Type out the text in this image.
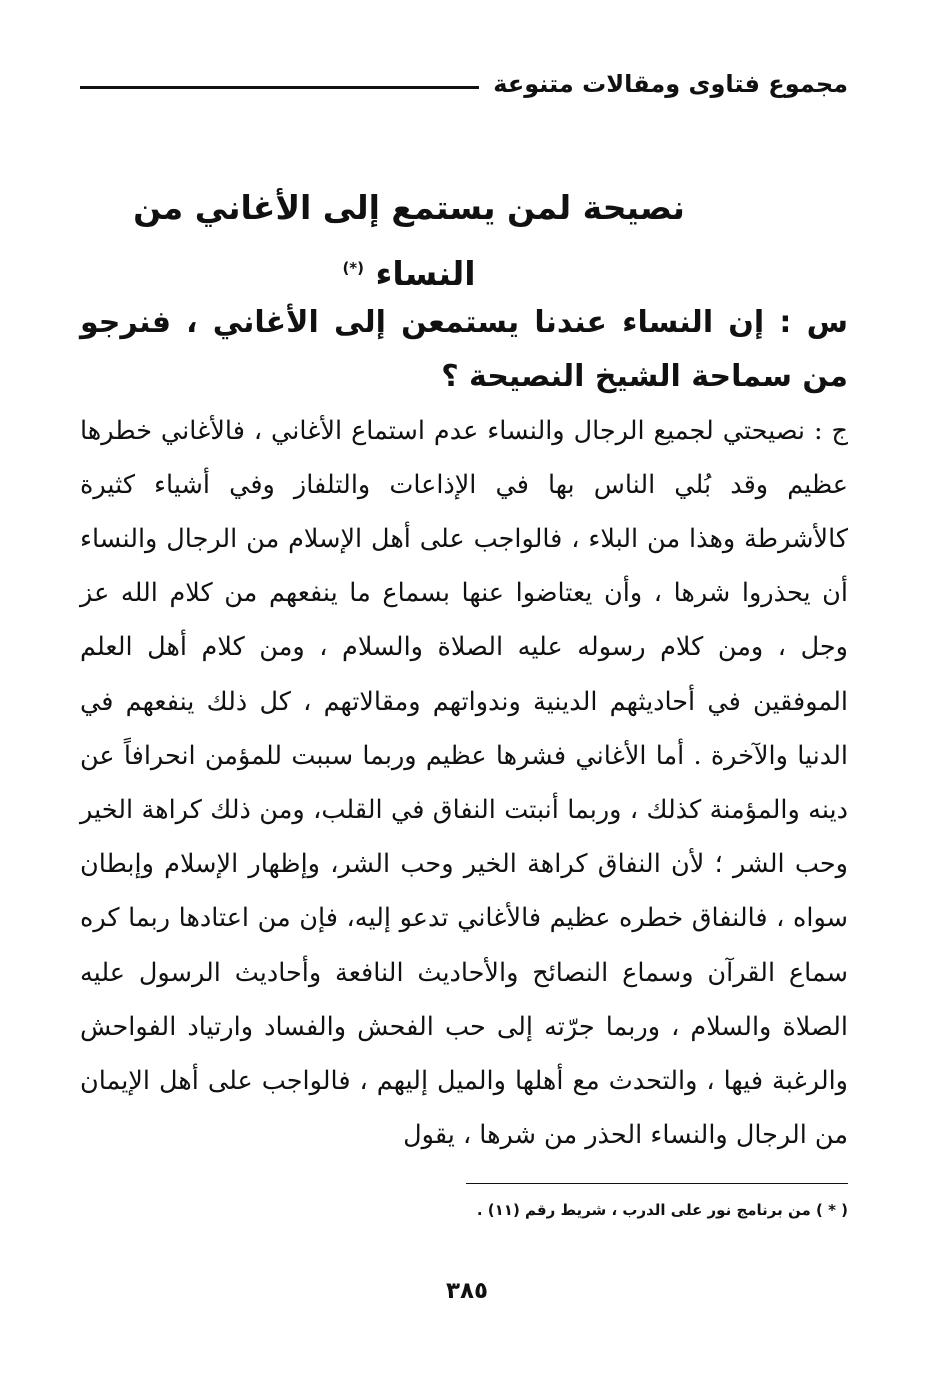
مجموع فتاوى ومقالات متنوعة
نصيحة لمن يستمع إلى الأغاني من النساء (*)

س : إن النساء عندنا يستمعن إلى الأغاني ، فنرجو من سماحة الشيخ النصيحة ؟

ج : نصيحتي لجميع الرجال والنساء عدم استماع الأغاني ، فالأغاني خطرها عظيم وقد بُلي الناس بها في الإذاعات والتلفاز وفي أشياء كثيرة كالأشرطة وهذا من البلاء ، فالواجب على أهل الإسلام من الرجال والنساء أن يحذروا شرها ، وأن يعتاضوا عنها بسماع ما ينفعهم من كلام الله عز وجل ، ومن كلام رسوله عليه الصلاة والسلام ، ومن كلام أهل العلم الموفقين في أحاديثهم الدينية وندواتهم ومقالاتهم ، كل ذلك ينفعهم في الدنيا والآخرة . أما الأغاني فشرها عظيم وربما سببت للمؤمن انحرافاً عن دينه والمؤمنة كذلك ، وربما أنبتت النفاق في القلب، ومن ذلك كراهة الخير وحب الشر ؛ لأن النفاق كراهة الخير وحب الشر، وإظهار الإسلام وإبطان سواه ، فالنفاق خطره عظيم فالأغاني تدعو إليه، فإن من اعتادها ربما كره سماع القرآن وسماع النصائح والأحاديث النافعة وأحاديث الرسول عليه الصلاة والسلام ، وربما جرّته إلى حب الفحش والفساد وارتياد الفواحش والرغبة فيها ، والتحدث مع أهلها والميل إليهم ، فالواجب على أهل الإيمان من الرجال والنساء الحذر من شرها ، يقول

( * ) من برنامج نور على الدرب ، شريط رقم (١١) .
٣٨٥
